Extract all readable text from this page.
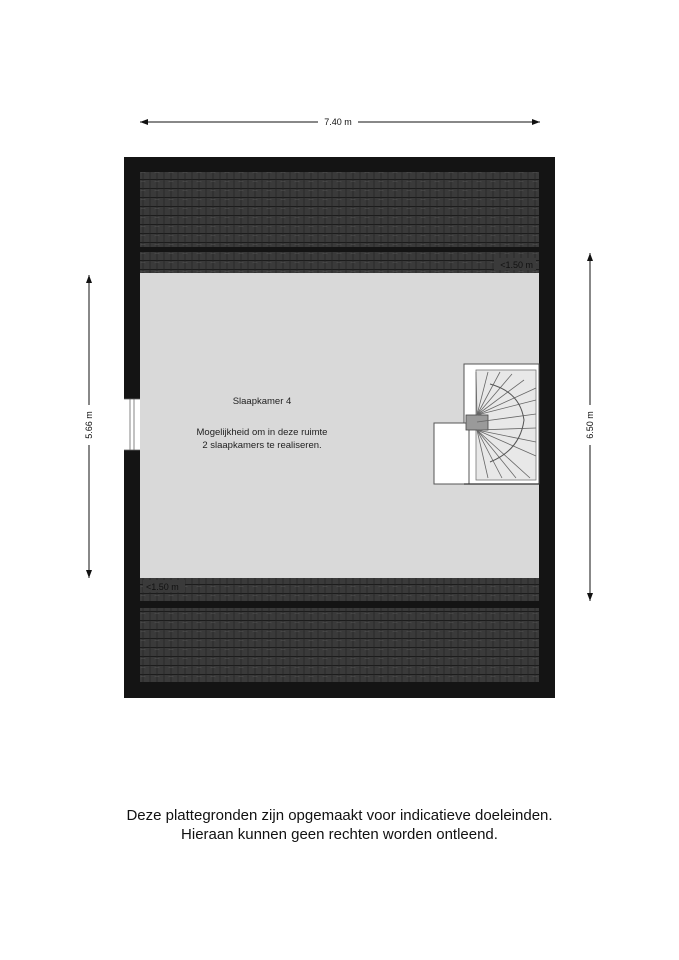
7.40 m
5.66 m	6.50 m
<1.50 m
<1.50 m
Slaapkamer 4
Mogelijkheid om in deze ruimte
2 slaapkamers te realiseren.
Deze plattegronden zijn opgemaakt voor indicatieve doeleinden.
Hieraan kunnen geen rechten worden ontleend.
